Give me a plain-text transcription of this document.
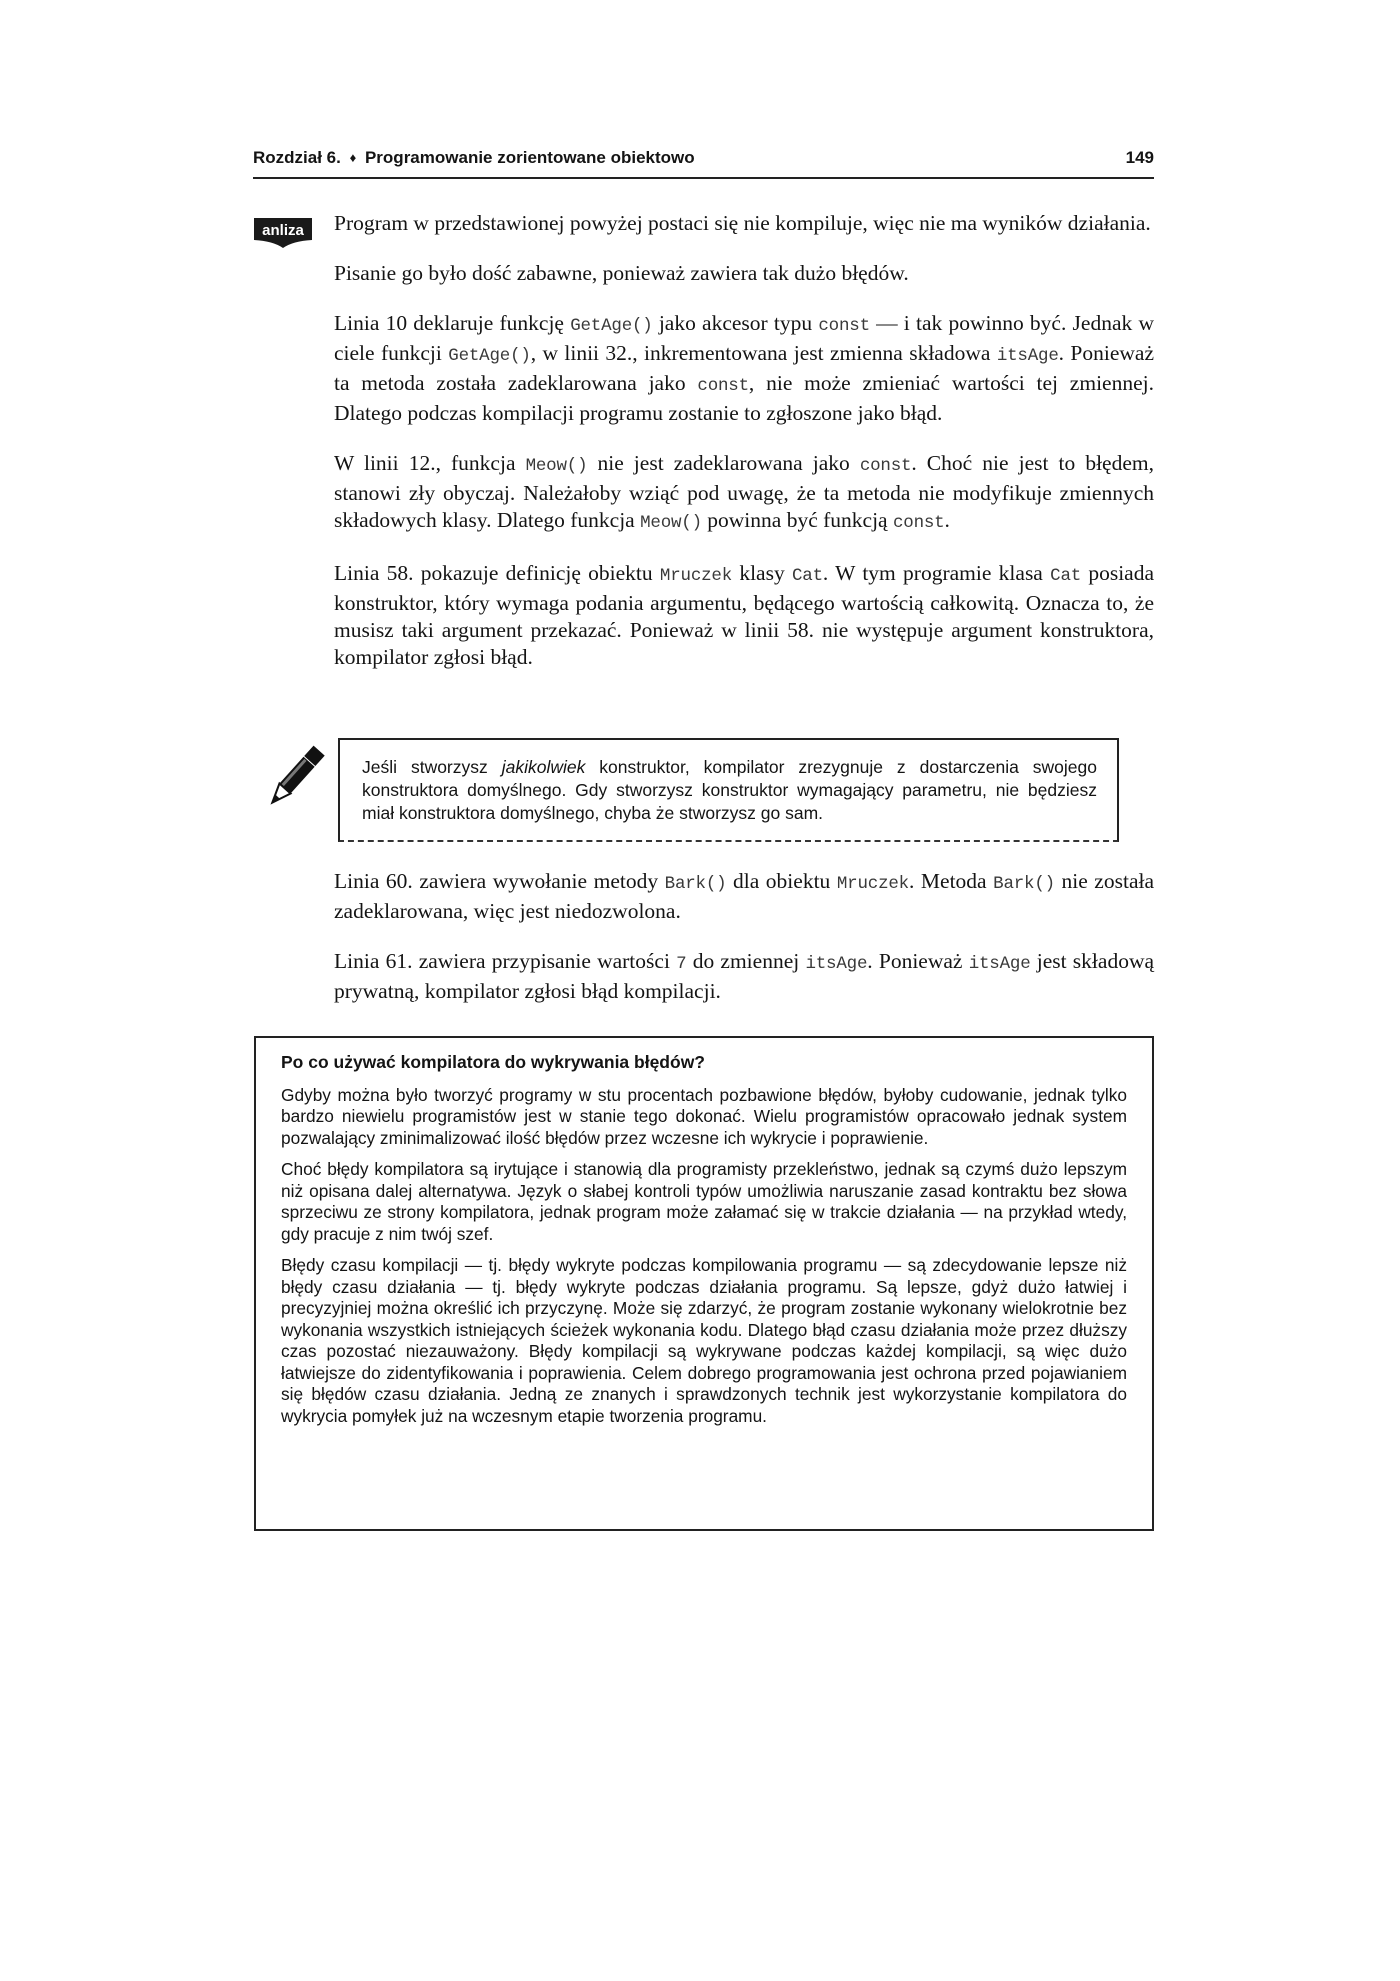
Rozdział 6. ♦ Programowanie zorientowane obiektowo	149
anliza Program w przedstawionej powyżej postaci się nie kompiluje, więc nie ma wyników działania.

Pisanie go było dość zabawne, ponieważ zawiera tak dużo błędów.

Linia 10 deklaruje funkcję GetAge() jako akcesor typu const — i tak powinno być. Jednak w ciele funkcji GetAge(), w linii 32., inkrementowana jest zmienna składowa itsAge. Ponieważ ta metoda została zadeklarowana jako const, nie może zmieniać wartości tej zmiennej. Dlatego podczas kompilacji programu zostanie to zgłoszone jako błąd.

W linii 12., funkcja Meow() nie jest zadeklarowana jako const. Choć nie jest to błędem, stanowi zły obyczaj. Należałoby wziąć pod uwagę, że ta metoda nie modyfikuje zmiennych składowych klasy. Dlatego funkcja Meow() powinna być funkcją const.

Linia 58. pokazuje definicję obiektu Mruczek klasy Cat. W tym programie klasa Cat posiada konstruktor, który wymaga podania argumentu, będącego wartością całkowitą. Oznacza to, że musisz taki argument przekazać. Ponieważ w linii 58. nie występuje argument konstruktora, kompilator zgłosi błąd.

Jeśli stworzysz jakikolwiek konstruktor, kompilator zrezygnuje z dostarczenia swojego konstruktora domyślnego. Gdy stworzysz konstruktor wymagający parametru, nie będziesz miał konstruktora domyślnego, chyba że stworzysz go sam.

Linia 60. zawiera wywołanie metody Bark() dla obiektu Mruczek. Metoda Bark() nie została zadeklarowana, więc jest niedozwolona.

Linia 61. zawiera przypisanie wartości 7 do zmiennej itsAge. Ponieważ itsAge jest składową prywatną, kompilator zgłosi błąd kompilacji.

Po co używać kompilatora do wykrywania błędów?

Gdyby można było tworzyć programy w stu procentach pozbawione błędów, byłoby cudowanie, jednak tylko bardzo niewielu programistów jest w stanie tego dokonać. Wielu programistów opracowało jednak system pozwalający zminimalizować ilość błędów przez wczesne ich wykrycie i poprawienie.

Choć błędy kompilatora są irytujące i stanowią dla programisty przekleństwo, jednak są czymś dużo lepszym niż opisana dalej alternatywa. Język o słabej kontroli typów umożliwia naruszanie zasad kontraktu bez słowa sprzeciwu ze strony kompilatora, jednak program może załamać się w trakcie działania — na przykład wtedy, gdy pracuje z nim twój szef.

Błędy czasu kompilacji — tj. błędy wykryte podczas kompilowania programu — są zdecydowanie lepsze niż błędy czasu działania — tj. błędy wykryte podczas działania programu. Są lepsze, gdyż dużo łatwiej i precyzyjniej można określić ich przyczynę. Może się zdarzyć, że program zostanie wykonany wielokrotnie bez wykonania wszystkich istniejących ścieżek wykonania kodu. Dlatego błąd czasu działania może przez dłuższy czas pozostać niezauważony. Błędy kompilacji są wykrywane podczas każdej kompilacji, są więc dużo łatwiejsze do zidentyfikowania i poprawienia. Celem dobrego programowania jest ochrona przed pojawianiem się błędów czasu działania. Jedną ze znanych i sprawdzonych technik jest wykorzystanie kompilatora do wykrycia pomyłek już na wczesnym etapie tworzenia programu.
